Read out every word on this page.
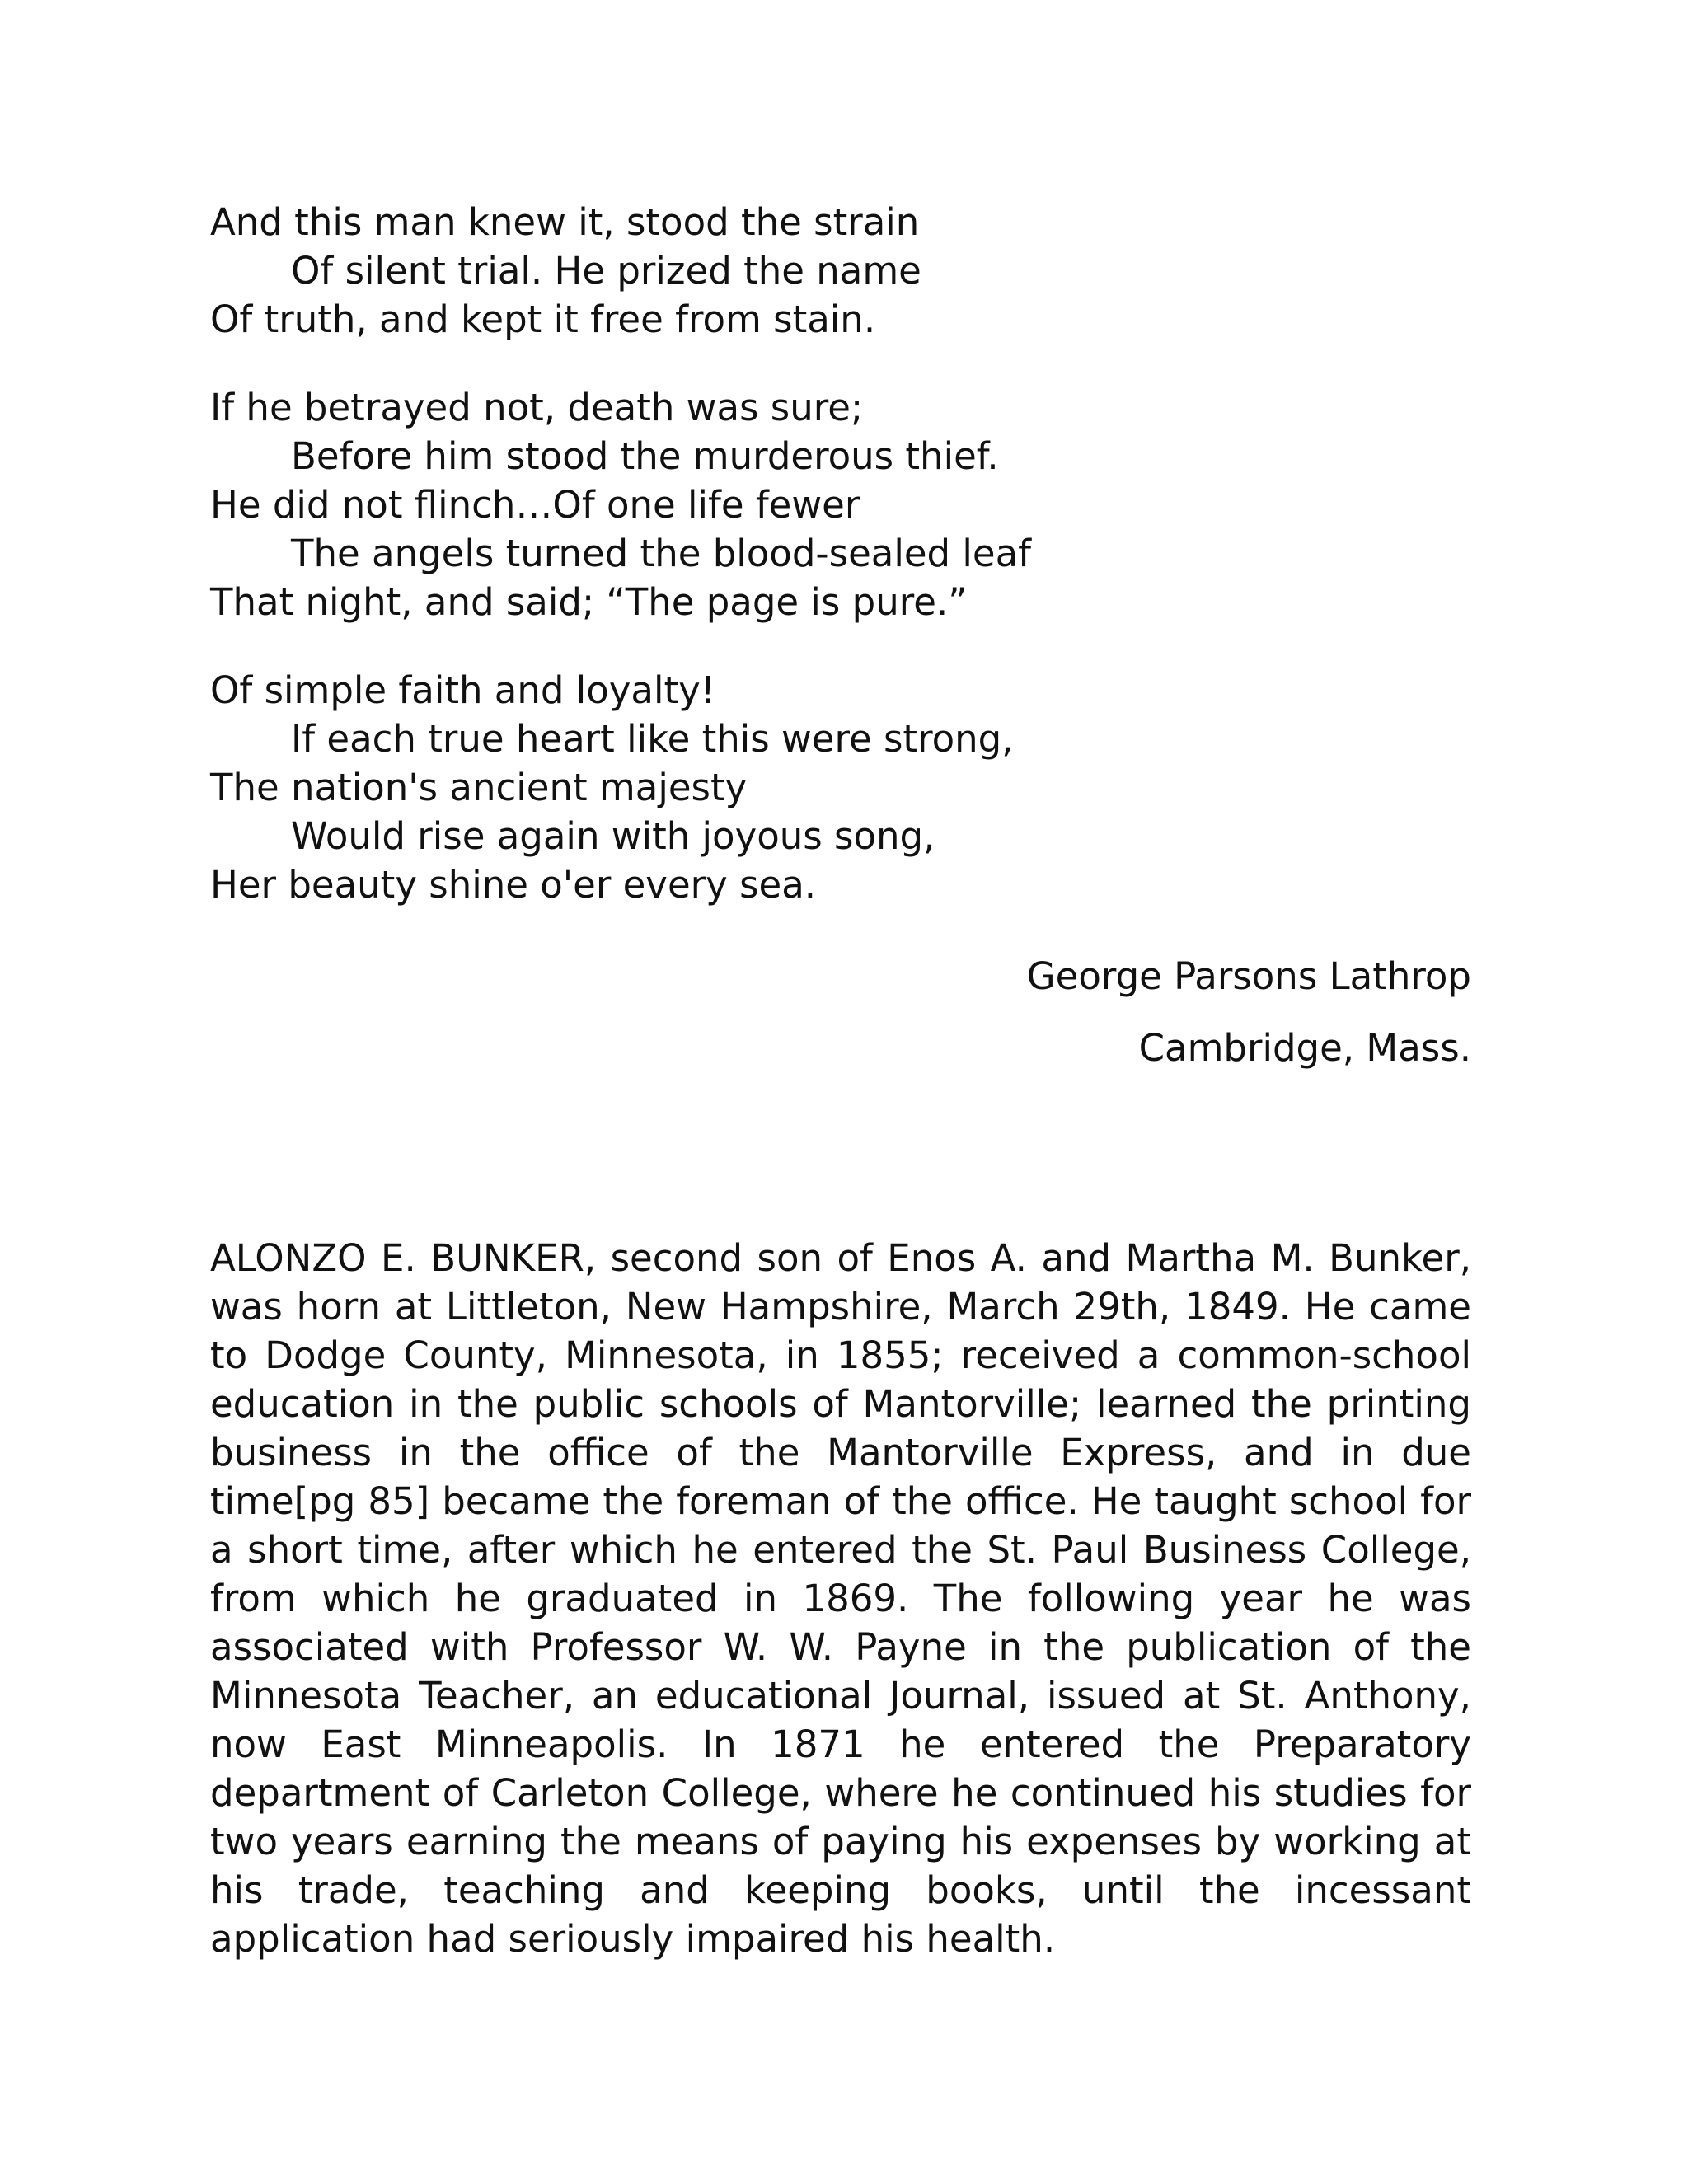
And this man knew it, stood the strain
Of silent trial. He prized the name
Of truth, and kept it free from stain.
If he betrayed not, death was sure;
Before him stood the murderous thief.
He did not flinch…Of one life fewer
The angels turned the blood-sealed leaf
That night, and said; “The page is pure.”
Of simple faith and loyalty!
If each true heart like this were strong,
The nation's ancient majesty
Would rise again with joyous song,
Her beauty shine o'er every sea.
George Parsons Lathrop
Cambridge, Mass.

ALONZO E. BUNKER, second son of Enos A. and Martha M. Bunker, was horn at Littleton, New Hampshire, March 29th, 1849. He came to Dodge County, Minnesota, in 1855; received a common-school education in the public schools of Mantorville; learned the printing business in the office of the Mantorville Express, and in due time[pg 85] became the foreman of the office. He taught school for a short time, after which he entered the St. Paul Business College, from which he graduated in 1869. The following year he was associated with Professor W. W. Payne in the publication of the Minnesota Teacher, an educational Journal, issued at St. Anthony, now East Minneapolis. In 1871 he entered the Preparatory department of Carleton College, where he continued his studies for two years earning the means of paying his expenses by working at his trade, teaching and keeping books, until the incessant application had seriously impaired his health.
